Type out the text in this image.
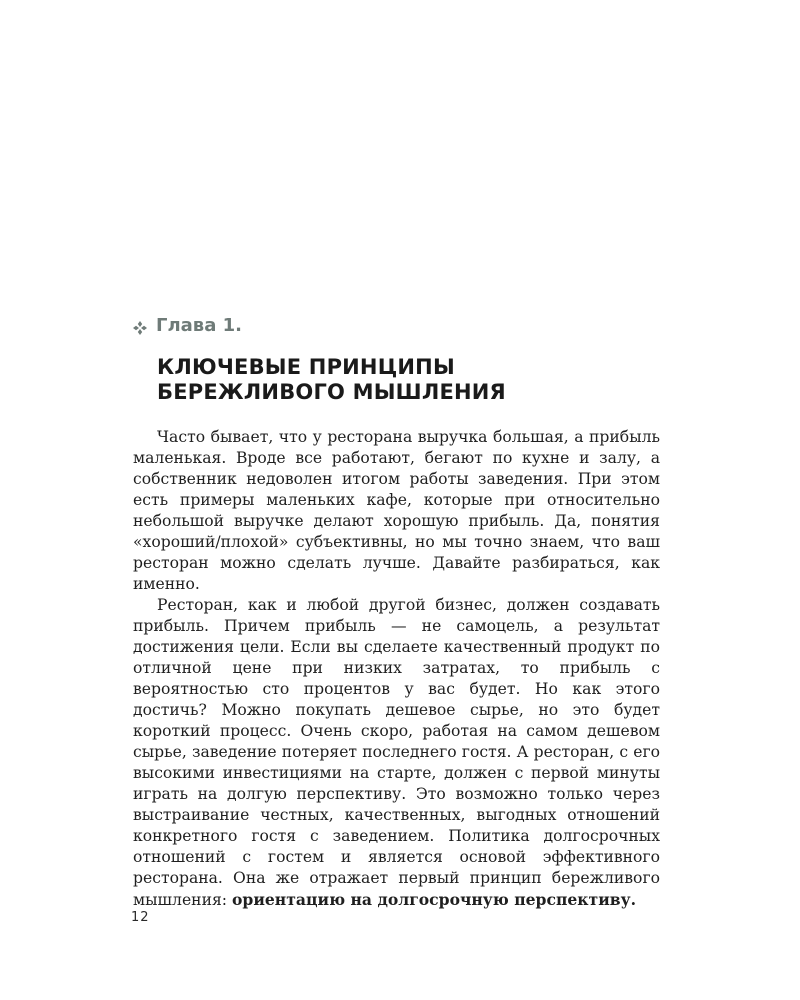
Глава 1.
КЛЮЧЕВЫЕ ПРИНЦИПЫ
БЕРЕЖЛИВОГО МЫШЛЕНИЯ

Часто бывает, что у ресторана выручка большая, а прибыль маленькая. Вроде все работают, бегают по кухне и залу, а собственник недоволен итогом работы заведения. При этом есть примеры маленьких кафе, которые при относительно небольшой выручке делают хорошую прибыль. Да, понятия «хороший/плохой» субъективны, но мы точно знаем, что ваш ресторан можно сделать лучше. Давайте разбираться, как именно.

Ресторан, как и любой другой бизнес, должен создавать прибыль. Причем прибыль — не самоцель, а результат достижения цели. Если вы сделаете качественный продукт по отличной цене при низких затратах, то прибыль с вероятностью сто процентов у вас будет. Но как этого достичь? Можно покупать дешевое сырье, но это будет короткий процесс. Очень скоро, работая на самом дешевом сырье, заведение потеряет последнего гостя. А ресторан, с его высокими инвестициями на старте, должен с первой минуты играть на долгую перспективу. Это возможно только через выстраивание честных, качественных, выгодных отношений конкретного гостя с заведением. Политика долгосрочных отношений с гостем и является основой эффективного ресторана. Она же отражает первый принцип бережливого мышления: ориентацию на долгосрочную перспективу.

12
